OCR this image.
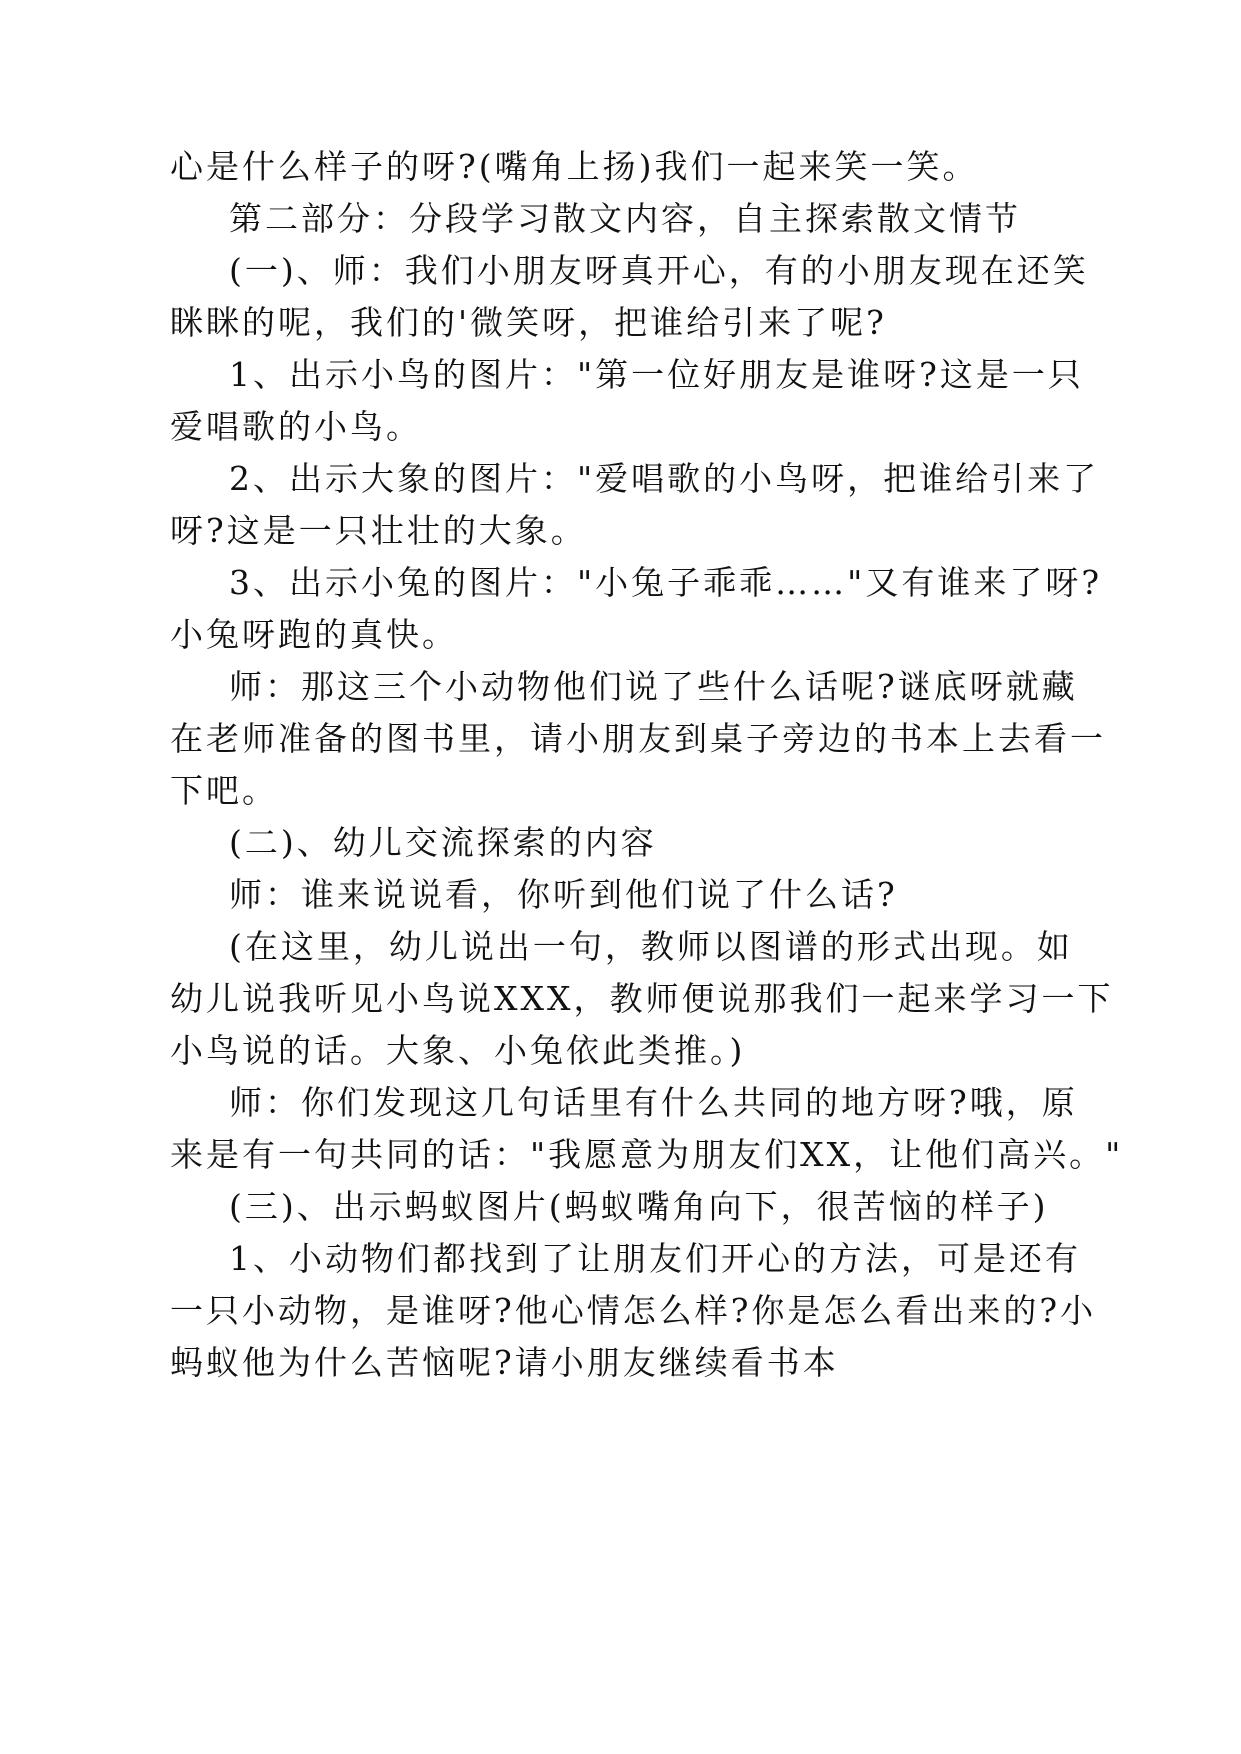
心是什么样子的呀?(嘴角上扬)我们一起来笑一笑。
第二部分：分段学习散文内容，自主探索散文情节
(一)、师：我们小朋友呀真开心，有的小朋友现在还笑
眯眯的呢，我们的'微笑呀，把谁给引来了呢?
1、出示小鸟的图片："第一位好朋友是谁呀?这是一只
爱唱歌的小鸟。
2、出示大象的图片："爱唱歌的小鸟呀，把谁给引来了
呀?这是一只壮壮的大象。
3、出示小兔的图片："小兔子乖乖……"又有谁来了呀?
小兔呀跑的真快。
师：那这三个小动物他们说了些什么话呢?谜底呀就藏
在老师准备的图书里，请小朋友到桌子旁边的书本上去看一
下吧。
(二)、幼儿交流探索的内容
师：谁来说说看，你听到他们说了什么话?
(在这里，幼儿说出一句，教师以图谱的形式出现。如
幼儿说我听见小鸟说XXX，教师便说那我们一起来学习一下
小鸟说的话。大象、小兔依此类推。)
师：你们发现这几句话里有什么共同的地方呀?哦，原
来是有一句共同的话："我愿意为朋友们XX，让他们高兴。"
(三)、出示蚂蚁图片(蚂蚁嘴角向下，很苦恼的样子)
1、小动物们都找到了让朋友们开心的方法，可是还有
一只小动物，是谁呀?他心情怎么样?你是怎么看出来的?小
蚂蚁他为什么苦恼呢?请小朋友继续看书本
